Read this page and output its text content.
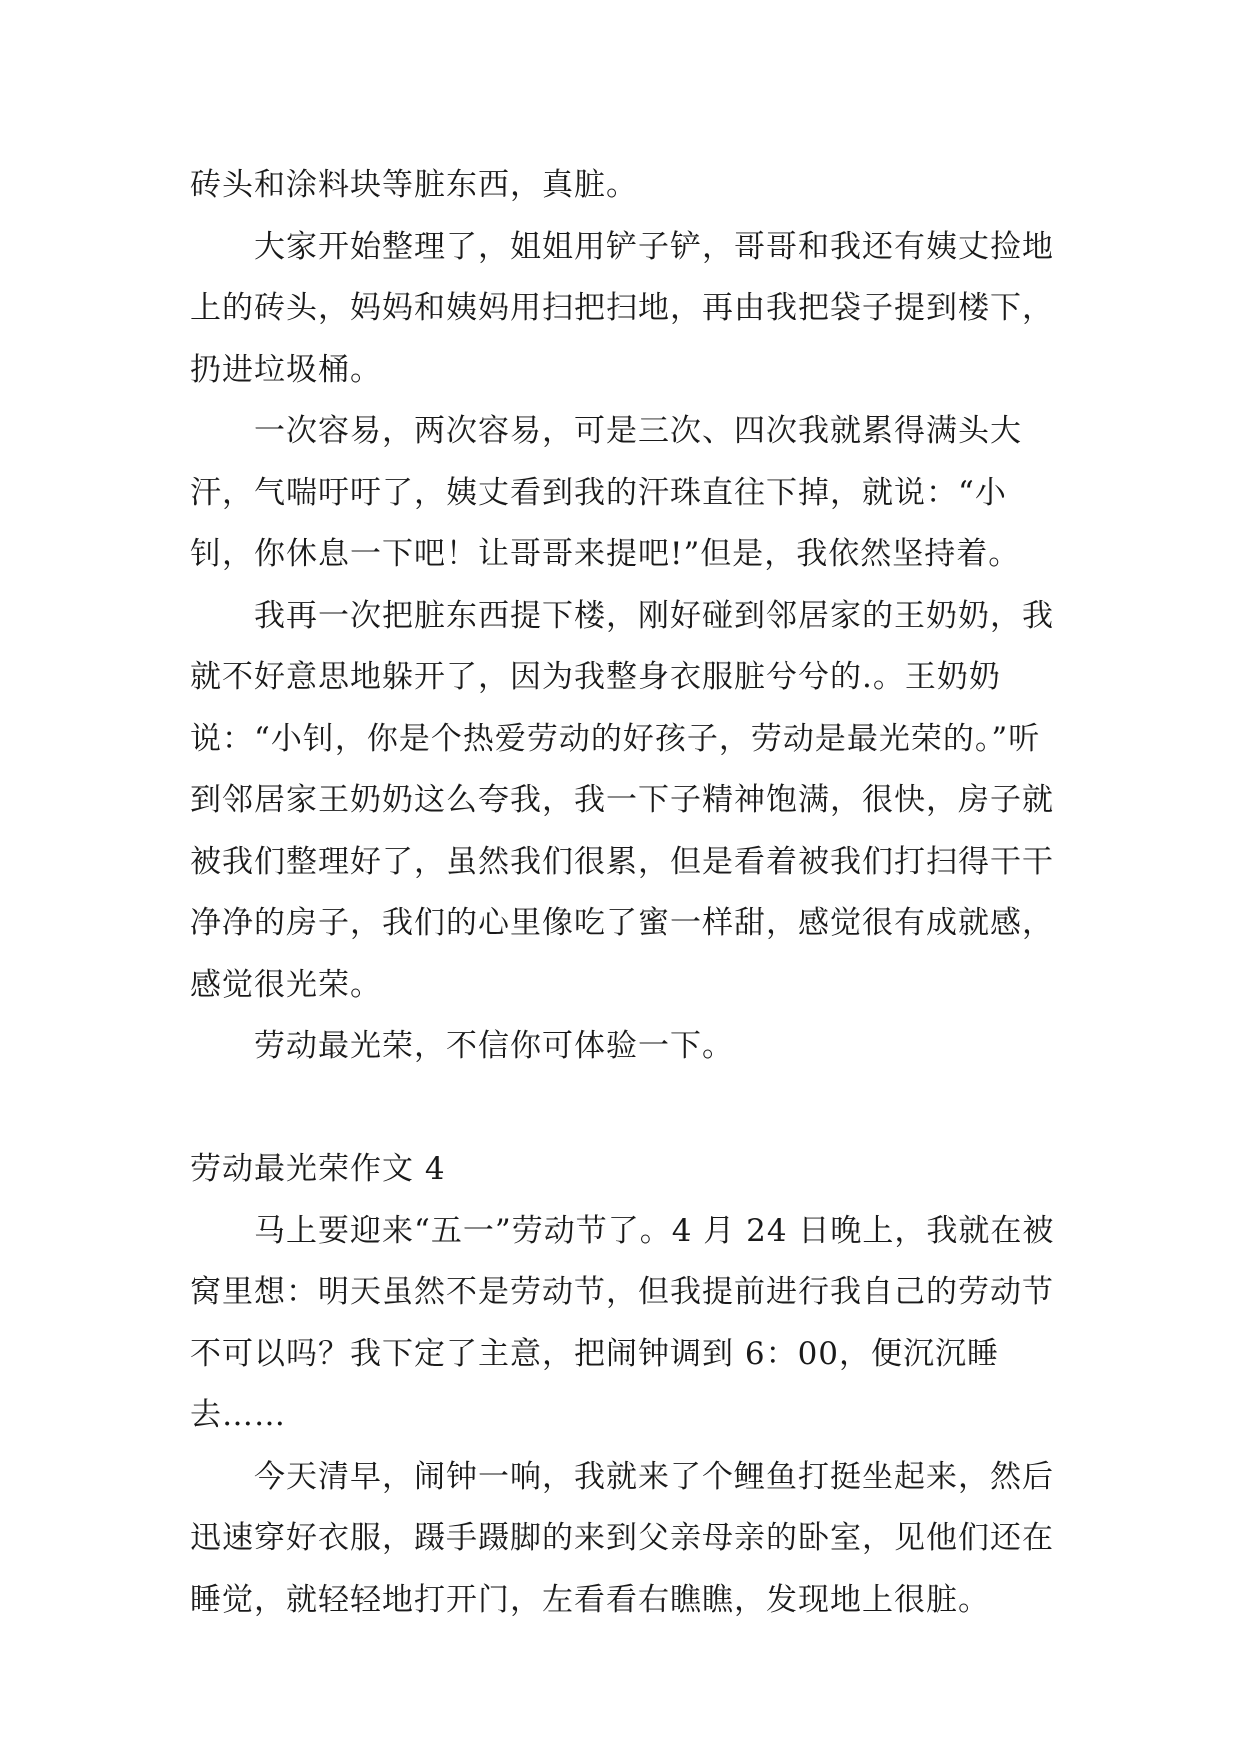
砖头和涂料块等脏东西，真脏。

大家开始整理了，姐姐用铲子铲，哥哥和我还有姨丈捡地上的砖头，妈妈和姨妈用扫把扫地，再由我把袋子提到楼下，扔进垃圾桶。

一次容易，两次容易，可是三次、四次我就累得满头大汗，气喘吁吁了，姨丈看到我的汗珠直往下掉，就说：“小钊，你休息一下吧！让哥哥来提吧!”但是，我依然坚持着。

我再一次把脏东西提下楼，刚好碰到邻居家的王奶奶，我就不好意思地躲开了，因为我整身衣服脏兮兮的.。王奶奶说：“小钊，你是个热爱劳动的好孩子，劳动是最光荣的。”听到邻居家王奶奶这么夸我，我一下子精神饱满，很快，房子就被我们整理好了，虽然我们很累，但是看着被我们打扫得干干净净的房子，我们的心里像吃了蜜一样甜，感觉很有成就感，感觉很光荣。

劳动最光荣，不信你可体验一下。

劳动最光荣作文 4

马上要迎来“五一”劳动节了。4 月 24 日晚上，我就在被窝里想：明天虽然不是劳动节，但我提前进行我自己的劳动节不可以吗？我下定了主意，把闹钟调到 6：00，便沉沉睡去……

今天清早，闹钟一响，我就来了个鲤鱼打挺坐起来，然后迅速穿好衣服，蹑手蹑脚的来到父亲母亲的卧室，见他们还在睡觉，就轻轻地打开门，左看看右瞧瞧，发现地上很脏。
